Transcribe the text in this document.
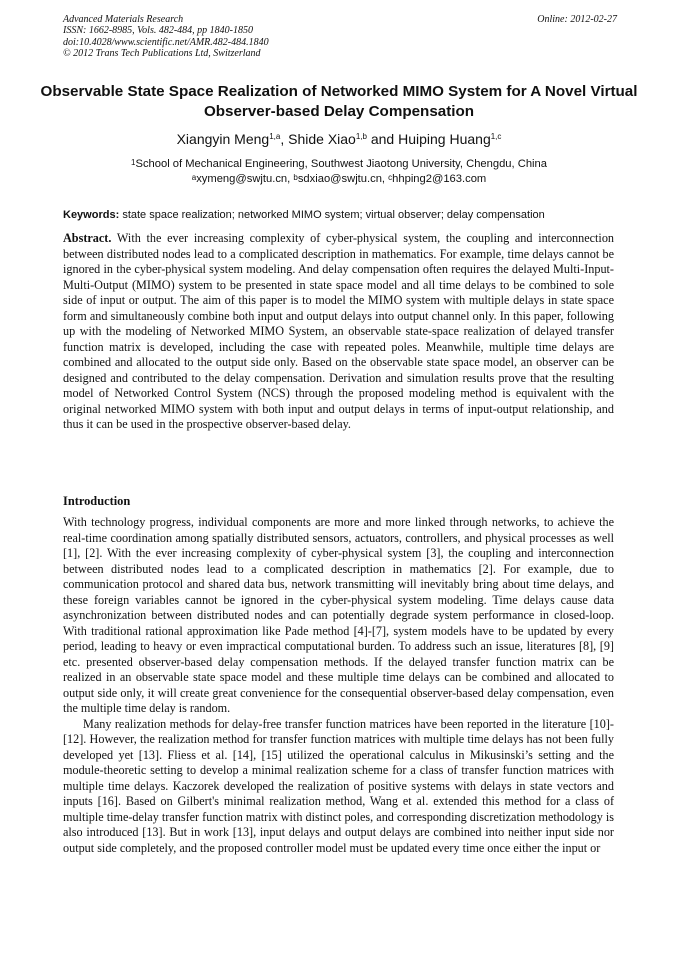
Advanced Materials Research
ISSN: 1662-8985, Vols. 482-484, pp 1840-1850
doi:10.4028/www.scientific.net/AMR.482-484.1840
© 2012 Trans Tech Publications Ltd, Switzerland
Online: 2012-02-27
Observable State Space Realization of Networked MIMO System for A Novel Virtual Observer-based Delay Compensation
Xiangyin Meng$^{1,a}$, Shide Xiao$^{1,b}$ and Huiping Huang$^{1,c}$
$^1$School of Mechanical Engineering, Southwest Jiaotong University, Chengdu, China
$^a$xymeng@swjtu.cn, $^b$sdxiao@swjtu.cn, $^c$hhping2@163.com
Keywords: state space realization; networked MIMO system; virtual observer; delay compensation
Abstract. With the ever increasing complexity of cyber-physical system, the coupling and interconnection between distributed nodes lead to a complicated description in mathematics. For example, time delays cannot be ignored in the cyber-physical system modeling. And delay compensation often requires the delayed Multi-Input-Multi-Output (MIMO) system to be presented in state space model and all time delays to be combined to sole side of input or output. The aim of this paper is to model the MIMO system with multiple delays in state space form and simultaneously combine both input and output delays into output channel only. In this paper, following up with the modeling of Networked MIMO System, an observable state-space realization of delayed transfer function matrix is developed, including the case with repeated poles. Meanwhile, multiple time delays are combined and allocated to the output side only. Based on the observable state space model, an observer can be designed and contributed to the delay compensation. Derivation and simulation results prove that the resulting model of Networked Control System (NCS) through the proposed modeling method is equivalent with the original networked MIMO system with both input and output delays in terms of input-output relationship, and thus it can be used in the prospective observer-based delay.
Introduction

With technology progress, individual components are more and more linked through networks, to achieve the real-time coordination among spatially distributed sensors, actuators, controllers, and physical processes as well [1], [2]. With the ever increasing complexity of cyber-physical system [3], the coupling and interconnection between distributed nodes lead to a complicated description in mathematics [2]. For example, due to communication protocol and shared data bus, network transmitting will inevitably bring about time delays, and these foreign variables cannot be ignored in the cyber-physical system modeling. Time delays cause data asynchronization between distributed nodes and can potentially degrade system performance in closed-loop. With traditional rational approximation like Pade method [4]-[7], system models have to be updated by every period, leading to heavy or even impractical computational burden. To address such an issue, literatures [8], [9] etc. presented observer-based delay compensation methods. If the delayed transfer function matrix can be realized in an observable state space model and these multiple time delays can be combined and allocated to output side only, it will create great convenience for the consequential observer-based delay compensation, even the multiple time delay is random.

Many realization methods for delay-free transfer function matrices have been reported in the literature [10]-[12]. However, the realization method for transfer function matrices with multiple time delays has not been fully developed yet [13]. Fliess et al. [14], [15] utilized the operational calculus in Mikusinski’s setting and the module-theoretic setting to develop a minimal realization scheme for a class of transfer function matrices with multiple time delays. Kaczorek developed the realization of positive systems with delays in state vectors and inputs [16]. Based on Gilbert's minimal realization method, Wang et al. extended this method for a class of multiple time-delay transfer function matrix with distinct poles, and corresponding discretization methodology is also introduced [13]. But in work [13], input delays and output delays are combined into neither input side nor output side completely, and the proposed controller model must be updated every time once either the input or
